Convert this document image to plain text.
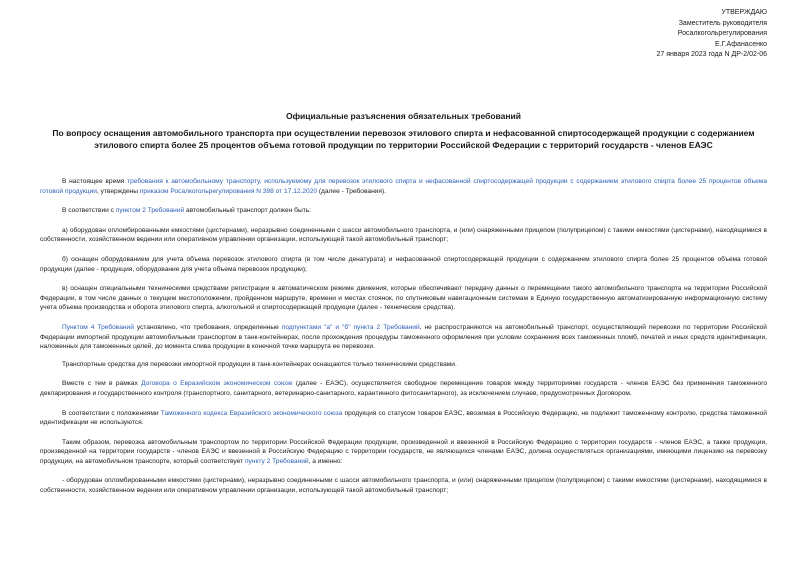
УТВЕРЖДАЮ
Заместитель руководителя
Росалкогольрегулирования
Е.Г.Афанасенко
27 января 2023 года N ДР-2/02-06
Официальные разъяснения обязательных требований
По вопросу оснащения автомобильного транспорта при осуществлении перевозок этилового спирта и нефасованной спиртосодержащей продукции с содержанием этилового спирта более 25 процентов объема готовой продукции по территории Российской Федерации с территорий государств - членов ЕАЭС

В настоящее время требования к автомобильному транспорту, используемому для перевозок этилового спирта и нефасованной спиртосодержащей продукции с содержанием этилового спирта более 25 процентов объема готовой продукции, утверждены приказом Росалкогольрегулирования N 398 от 17.12.2020 (далее - Требования).

В соответствии с пунктом 2 Требований автомобильный транспорт должен быть:

а) оборудован опломбированными емкостями (цистернами), неразрывно соединенными с шасси автомобильного транспорта, и (или) снаряженными прицепом (полуприцепом) с такими емкостями (цистернами), находящимися в собственности, хозяйственном ведении или оперативном управлении организации, использующей такой автомобильный транспорт;

б) оснащен оборудованием для учета объема перевозок этилового спирта (в том числе денатурата) и нефасованной спиртосодержащей продукции с содержанием этилового спирта более 25 процентов объема готовой продукции (далее - продукция, оборудование для учета объема перевозок продукции);

в) оснащен специальными техническими средствами регистрации в автоматическом режиме движения, которые обеспечивают передачу данных о перемещении такого автомобильного транспорта на территории Российской Федерации, в том числе данных о текущем местоположении, пройденном маршруте, времени и местах стоянок, по спутниковым навигационным системам в Единую государственную автоматизированную информационную систему учета объема производства и оборота этилового спирта, алкогольной и спиртосодержащей продукции (далее - технические средства).

Пунктом 4 Требований установлено, что требования, определенные подпунктами "а" и "б" пункта 2 Требований, не распространяются на автомобильный транспорт, осуществляющий перевозки по территории Российской Федерации импортной продукции автомобильным транспортом в танк-контейнерах, после прохождения процедуры таможенного оформления при условии сохранения всех таможенных пломб, печатей и иных средств идентификации, наложенных для таможенных целей, до момента слива продукции в конечной точке маршрута ее перевозки.

Транспортные средства для перевозки импортной продукции в танк-контейнерах оснащаются только техническими средствами.

Вместе с тем в рамках Договора о Евразийском экономическом союзе (далее - ЕАЭС), осуществляется свободное перемещение товаров между территориями государств - членов ЕАЭС без применения таможенного декларирования и государственного контроля (транспортного, санитарного, ветеринарно-санитарного, карантинного фитосанитарного), за исключением случаев, предусмотренных Договором.

В соответствии с положениями Таможенного кодекса Евразийского экономического союза продукция со статусом товаров ЕАЭС, ввозимая в Российскую Федерацию, не подлежит таможенному контролю, средства таможенной идентификации не используются.

Таким образом, перевозка автомобильным транспортом по территории Российской Федерации продукции, произведенной и ввезенной в Российскую Федерацию с территории государств - членов ЕАЭС, а также продукции, произведенной на территории государств - членов ЕАЭС и ввезенной в Российскую Федерацию с территории государств, не являющихся членами ЕАЭС, должна осуществляться организациями, имеющими лицензию на перевозку продукции, на автомобильном транспорте, который соответствует пункту 2 Требований, а именно:

- оборудован опломбированными емкостями (цистернами), неразрывно соединенными с шасси автомобильного транспорта, и (или) снаряженными прицепом (полуприцепом) с такими емкостями (цистернами), находящимися в собственности, хозяйственном ведении или оперативном управлении организации, использующей такой автомобильный транспорт;
